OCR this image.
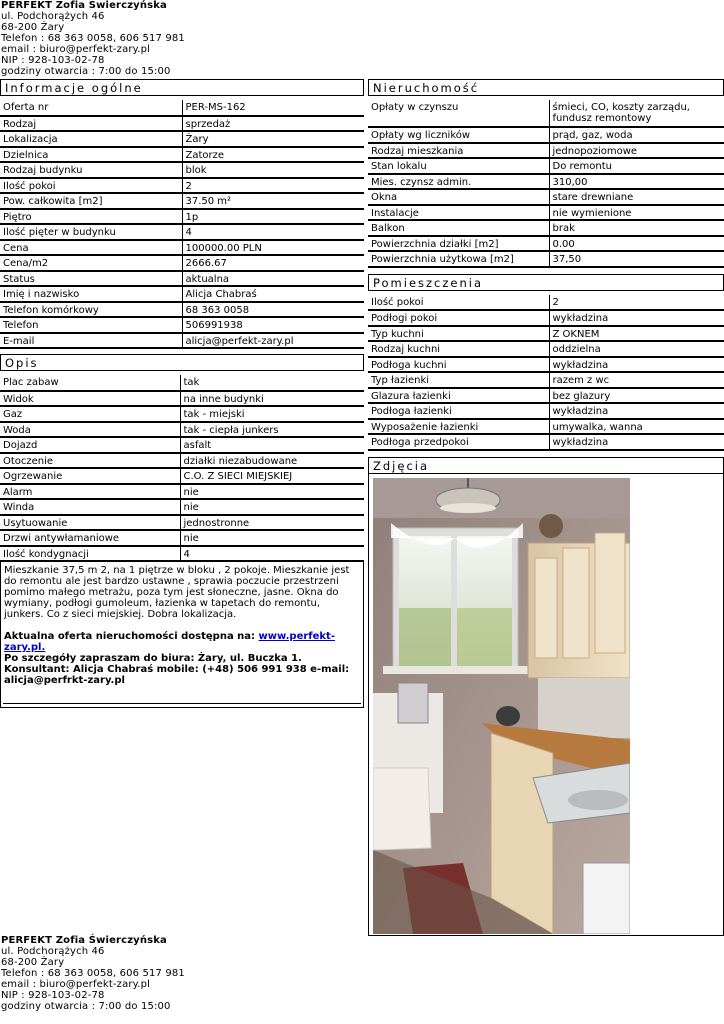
PERFEKT Zofia Świerczyńska
ul. Podchorążych 46
68-200 Żary
Telefon : 68 363 0058, 606 517 981
email : biuro@perfekt-zary.pl
NIP : 928-103-02-78
godziny otwarcia : 7:00 do 15:00
Informacje ogólne
Oferta nr	PER-MS-162
Rodzaj	sprzedaż
Lokalizacja	Żary
Dzielnica	Zatorze
Rodzaj budynku	blok
Ilość pokoi	2
Pow. całkowita [m2]	37.50 m²
Piętro	1p
Ilość pięter w budynku	4
Cena	100000.00 PLN
Cena/m2	2666.67
Status	aktualna
Imię i nazwisko	Alicja Chabraś
Telefon komórkowy	68 363 0058
Telefon	506991938
E-mail	alicja@perfekt-zary.pl
Opis
Plac zabaw	tak
Widok	na inne budynki
Gaz	tak - miejski
Woda	tak - ciepła junkers
Dojazd	asfalt
Otoczenie	działki niezabudowane
Ogrzewanie	C.O. Z SIECI MIEJSKIEJ
Alarm	nie
Winda	nie
Usytuowanie	jednostronne
Drzwi antywłamaniowe	nie
Ilość kondygnacji	4
Mieszkanie 37,5 m 2, na 1 piętrze w bloku , 2 pokoje. Mieszkanie jest do remontu ale jest bardzo ustawne , sprawia poczucie przestrzeni pomimo małego metrażu, poza tym jest słoneczne, jasne. Okna do wymiany, podłogi gumoleum, łazienka w tapetach do remontu, junkers. Co z sieci miejskiej. Dobra lokalizacja.
Aktualna oferta nieruchomości dostępna na: www.perfekt-zary.pl.
Po szczegóły zapraszam do biura: Żary, ul. Buczka 1. Konsultant: Alicja Chabraś mobile: (+48) 506 991 938 e-mail: alicja@perfrkt-zary.pl
Nieruchomość
Opłaty w czynszu	śmieci, CO, koszty zarządu, fundusz remontowy
Opłaty wg liczników	prąd, gaz, woda
Rodzaj mieszkania	jednopoziomowe
Stan lokalu	Do remontu
Mies. czynsz admin.	310,00
Okna	stare drewniane
Instalacje	nie wymienione
Balkon	brak
Powierzchnia działki [m2]	0.00
Powierzchnia użytkowa [m2]	37,50
Pomieszczenia
Ilość pokoi	2
Podłogi pokoi	wykładzina
Typ kuchni	Z OKNEM
Rodzaj kuchni	oddzielna
Podłoga kuchni	wykładzina
Typ łazienki	razem z wc
Glazura łazienki	bez glazury
Podłoga łazienki	wykładzina
Wyposażenie łazienki	umywalka, wanna
Podłoga przedpokoi	wykładzina
Zdjęcia
PERFEKT Zofia Świerczyńska
ul. Podchorążych 46
68-200 Żary
Telefon : 68 363 0058, 606 517 981
email : biuro@perfekt-zary.pl
NIP : 928-103-02-78
godziny otwarcia : 7:00 do 15:00
